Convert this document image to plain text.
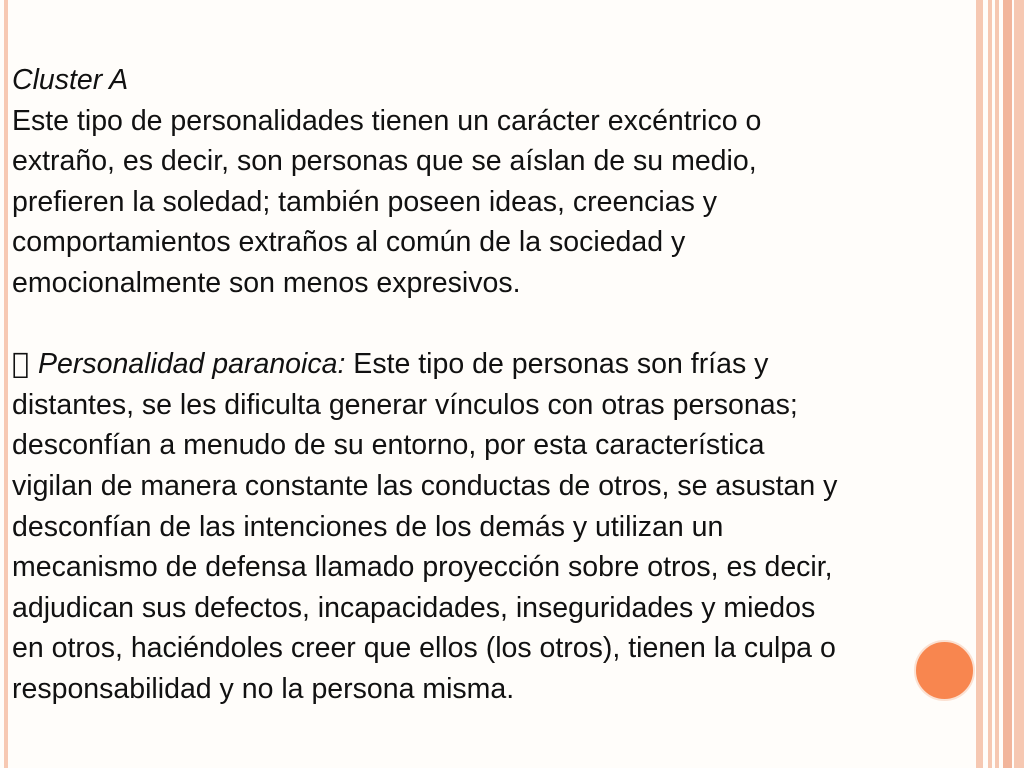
Cluster A

Este tipo de personalidades tienen un carácter excéntrico o

extraño, es decir, son personas que se aíslan de su medio,

prefieren la soledad; también poseen ideas, creencias y

comportamientos extraños al común de la sociedad y

emocionalmente son menos expresivos.

Personalidad paranoica: Este tipo de personas son frías y

distantes, se les dificulta generar vínculos con otras personas;

desconfían a menudo de su entorno, por esta característica

vigilan de manera constante las conductas de otros, se asustan y

desconfían de las intenciones de los demás y utilizan un

mecanismo de defensa llamado proyección sobre otros, es decir,

adjudican sus defectos, incapacidades, inseguridades y miedos

en otros, haciéndoles creer que ellos (los otros), tienen la culpa o

responsabilidad y no la persona misma.
